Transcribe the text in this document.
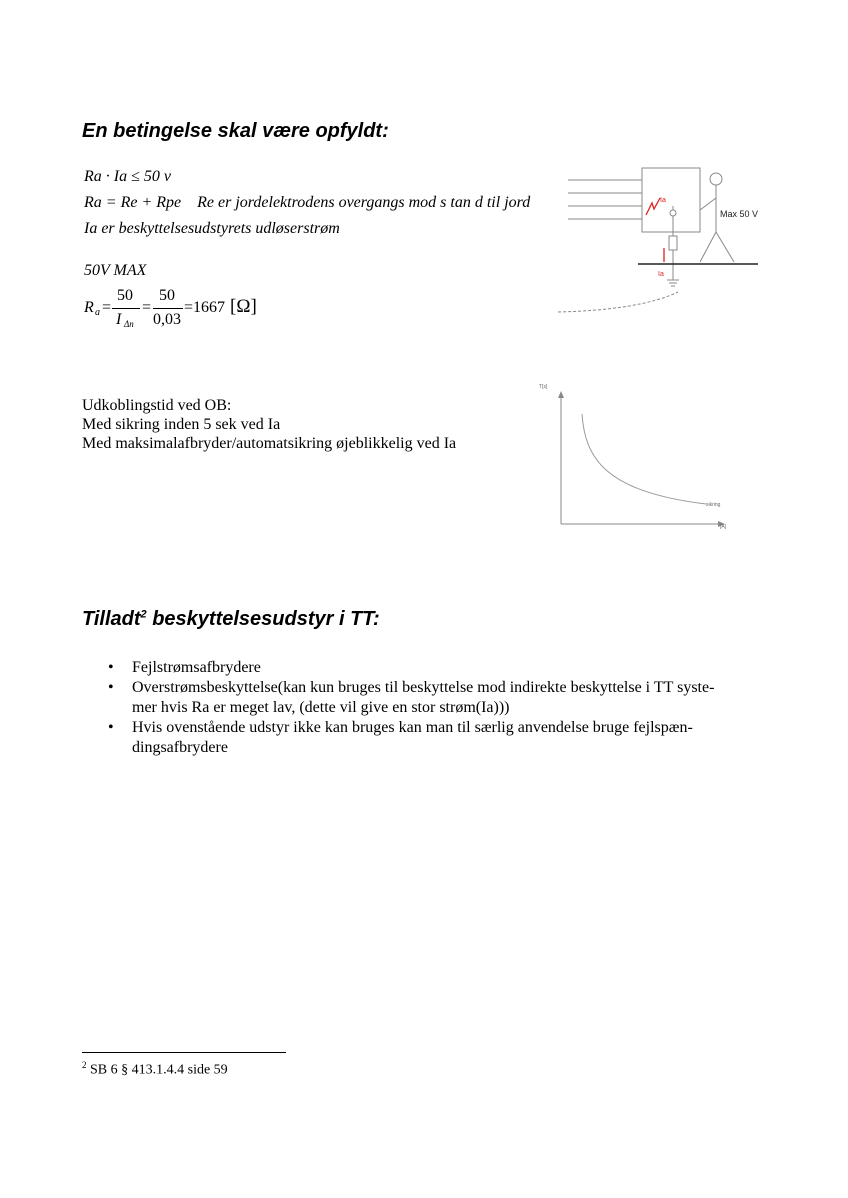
En betingelse skal være opfyldt:
Ra · Ia ≤ 50 v
Ra = Re + Rpe Re er jordelektrodens overgangs mod s tan d til jord
Ia er beskyttelsesudstyrets udløserstrøm
50V MAX
R a =
50
I Δn
=
50
0,03
=1667 [Ω]
Ia
Ia
Max 50 V
Udkoblingstid ved OB:
Med sikring inden 5 sek ved Ia
Med maksimalafbryder/automatsikring øjeblikkelig ved Ia
T[s]
[A]
sikring
Tilladt$^2$ beskyttelsesudstyr i TT:
• Fejlstrømsafbrydere
• Overstrømsbeskyttelse(kan kun bruges til beskyttelse mod indirekte beskyttelse i TT syste-
mer hvis Ra er meget lav, (dette vil give en stor strøm(Ia)))
• Hvis ovenstående udstyr ikke kan bruges kan man til særlig anvendelse bruge fejlspæn-
dingsafbrydere
$^2$ SB 6 § 413.1.4.4 side 59
